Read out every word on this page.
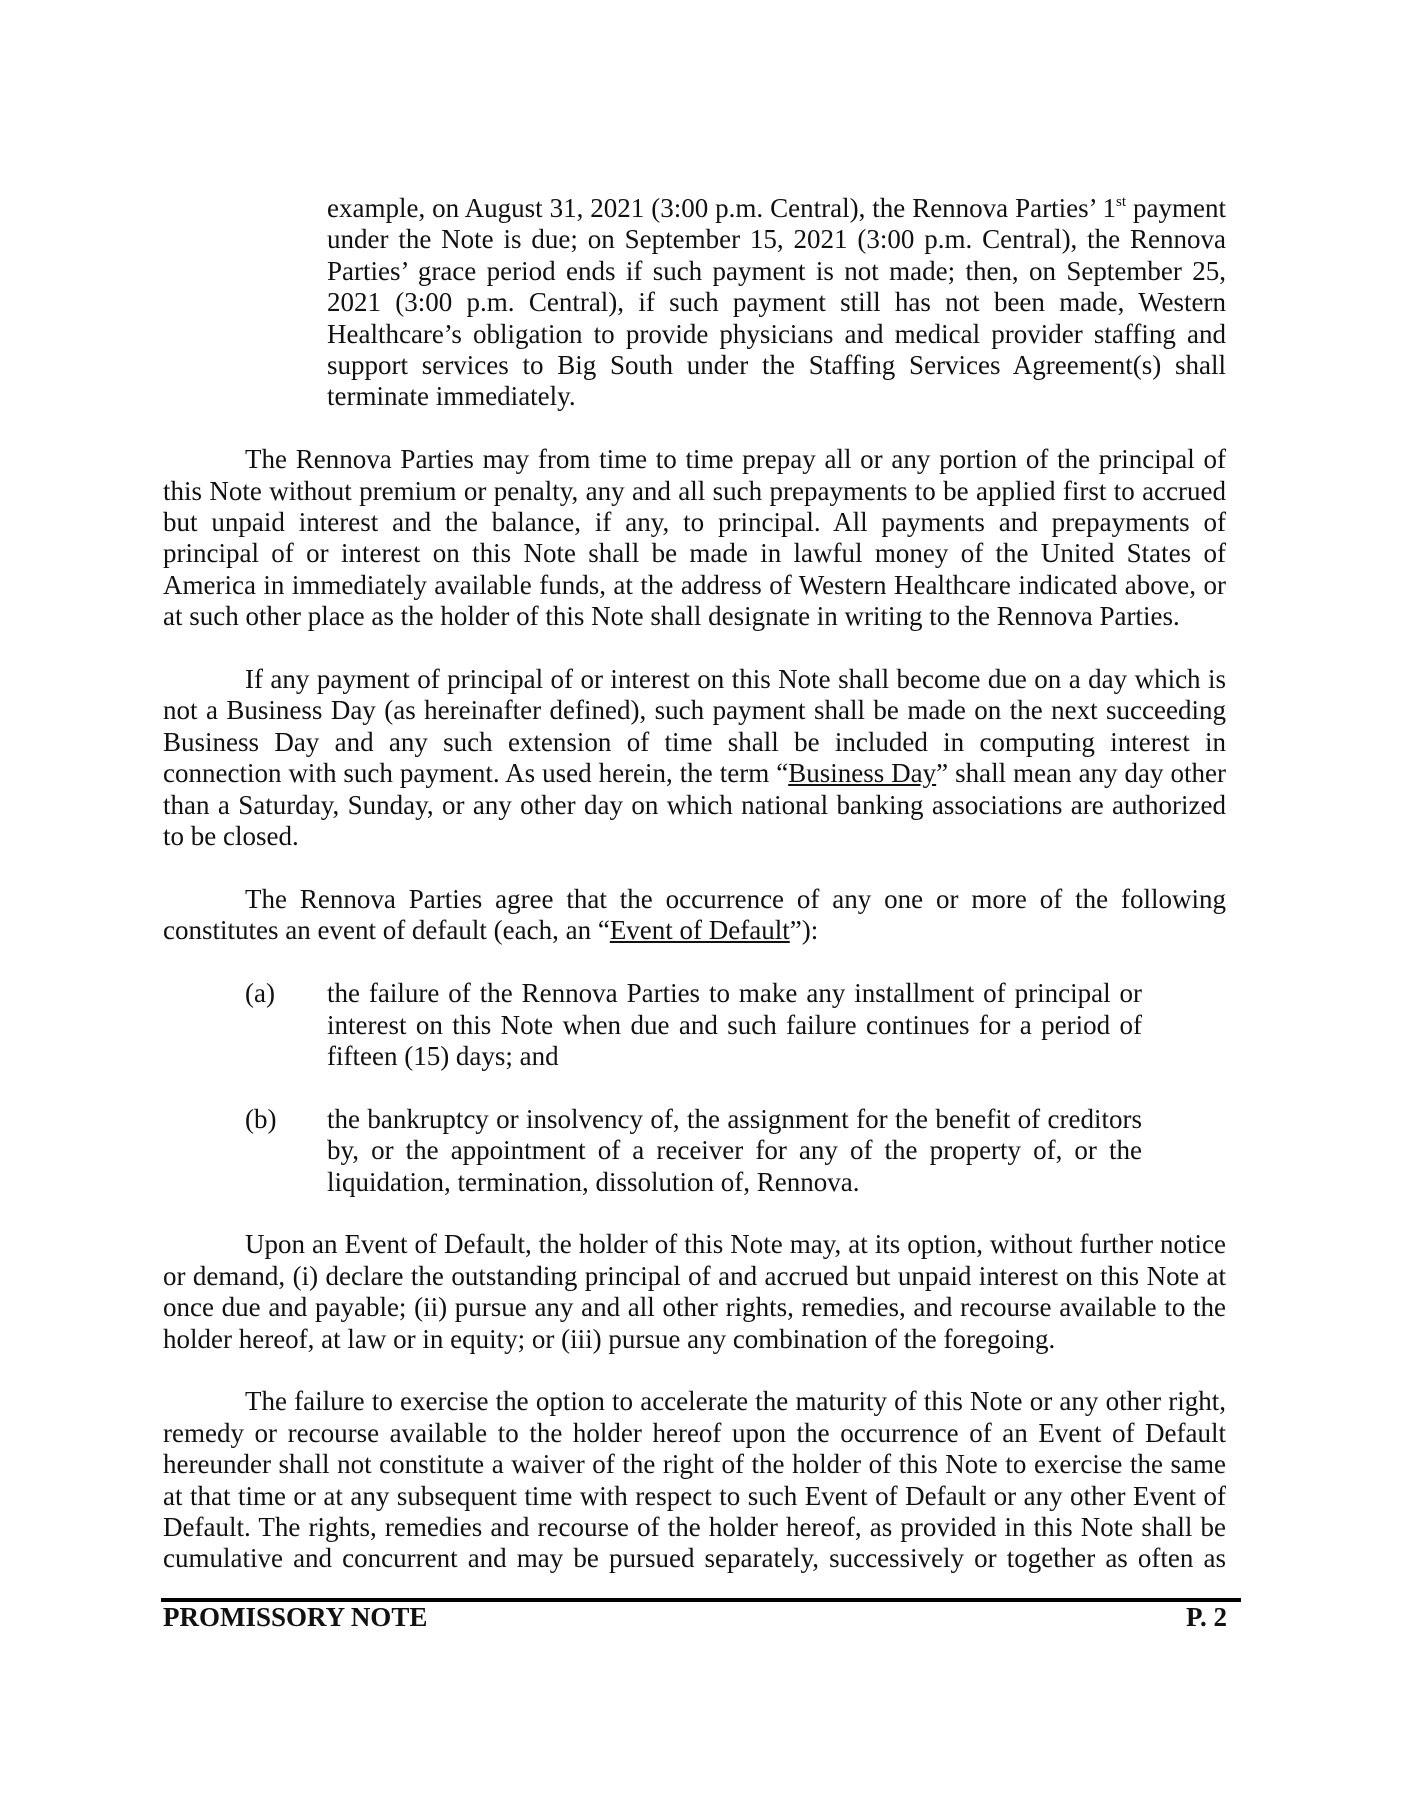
example, on August 31, 2021 (3:00 p.m. Central), the Rennova Parties’ 1st payment under the Note is due; on September 15, 2021 (3:00 p.m. Central), the Rennova Parties’ grace period ends if such payment is not made; then, on September 25, 2021 (3:00 p.m. Central), if such payment still has not been made, Western Healthcare’s obligation to provide physicians and medical provider staffing and support services to Big South under the Staffing Services Agreement(s) shall terminate immediately.

The Rennova Parties may from time to time prepay all or any portion of the principal of this Note without premium or penalty, any and all such prepayments to be applied first to accrued but unpaid interest and the balance, if any, to principal. All payments and prepayments of principal of or interest on this Note shall be made in lawful money of the United States of America in immediately available funds, at the address of Western Healthcare indicated above, or at such other place as the holder of this Note shall designate in writing to the Rennova Parties.

If any payment of principal of or interest on this Note shall become due on a day which is not a Business Day (as hereinafter defined), such payment shall be made on the next succeeding Business Day and any such extension of time shall be included in computing interest in connection with such payment. As used herein, the term “Business Day” shall mean any day other than a Saturday, Sunday, or any other day on which national banking associations are authorized to be closed.

The Rennova Parties agree that the occurrence of any one or more of the following constitutes an event of default (each, an “Event of Default”):

(a)	the failure of the Rennova Parties to make any installment of principal or interest on this Note when due and such failure continues for a period of fifteen (15) days; and
(b)	the bankruptcy or insolvency of, the assignment for the benefit of creditors by, or the appointment of a receiver for any of the property of, or the liquidation, termination, dissolution of, Rennova.

Upon an Event of Default, the holder of this Note may, at its option, without further notice or demand, (i) declare the outstanding principal of and accrued but unpaid interest on this Note at once due and payable; (ii) pursue any and all other rights, remedies, and recourse available to the holder hereof, at law or in equity; or (iii) pursue any combination of the foregoing.

The failure to exercise the option to accelerate the maturity of this Note or any other right, remedy or recourse available to the holder hereof upon the occurrence of an Event of Default hereunder shall not constitute a waiver of the right of the holder of this Note to exercise the same at that time or at any subsequent time with respect to such Event of Default or any other Event of Default. The rights, remedies and recourse of the holder hereof, as provided in this Note shall be cumulative and concurrent and may be pursued separately, successively or together as often as

PROMISSORY NOTE	P. 2
